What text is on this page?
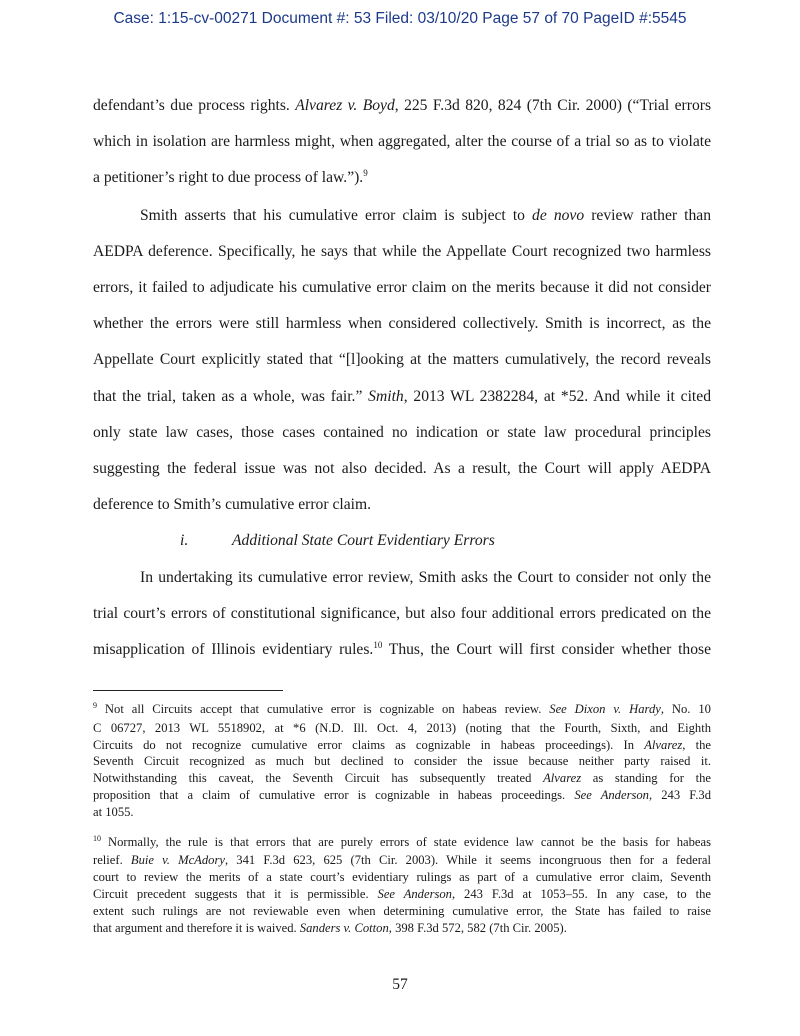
Case: 1:15-cv-00271 Document #: 53 Filed: 03/10/20 Page 57 of 70 PageID #:5545
defendant’s due process rights. Alvarez v. Boyd, 225 F.3d 820, 824 (7th Cir. 2000) (“Trial errors
which in isolation are harmless might, when aggregated, alter the course of a trial so as to violate
a petitioner’s right to due process of law.”).$^9$
Smith asserts that his cumulative error claim is subject to de novo review rather than
AEDPA deference. Specifically, he says that while the Appellate Court recognized two harmless
errors, it failed to adjudicate his cumulative error claim on the merits because it did not consider
whether the errors were still harmless when considered collectively. Smith is incorrect, as the
Appellate Court explicitly stated that “[l]ooking at the matters cumulatively, the record reveals
that the trial, taken as a whole, was fair.” Smith, 2013 WL 2382284, at *52. And while it cited
only state law cases, those cases contained no indication or state law procedural principles
suggesting the federal issue was not also decided. As a result, the Court will apply AEDPA
deference to Smith’s cumulative error claim.
i.	Additional State Court Evidentiary Errors
In undertaking its cumulative error review, Smith asks the Court to consider not only the
trial court’s errors of constitutional significance, but also four additional errors predicated on the
misapplication of Illinois evidentiary rules.$^{10}$ Thus, the Court will first consider whether those
$^9$ Not all Circuits accept that cumulative error is cognizable on habeas review. See Dixon v. Hardy, No. 10
C 06727, 2013 WL 5518902, at *6 (N.D. Ill. Oct. 4, 2013) (noting that the Fourth, Sixth, and Eighth
Circuits do not recognize cumulative error claims as cognizable in habeas proceedings). In Alvarez, the
Seventh Circuit recognized as much but declined to consider the issue because neither party raised it.
Notwithstanding this caveat, the Seventh Circuit has subsequently treated Alvarez as standing for the
proposition that a claim of cumulative error is cognizable in habeas proceedings. See Anderson, 243 F.3d
at 1055.
$^{10}$ Normally, the rule is that errors that are purely errors of state evidence law cannot be the basis for habeas
relief. Buie v. McAdory, 341 F.3d 623, 625 (7th Cir. 2003). While it seems incongruous then for a federal
court to review the merits of a state court’s evidentiary rulings as part of a cumulative error claim, Seventh
Circuit precedent suggests that it is permissible. See Anderson, 243 F.3d at 1053–55. In any case, to the
extent such rulings are not reviewable even when determining cumulative error, the State has failed to raise
that argument and therefore it is waived. Sanders v. Cotton, 398 F.3d 572, 582 (7th Cir. 2005).
57
